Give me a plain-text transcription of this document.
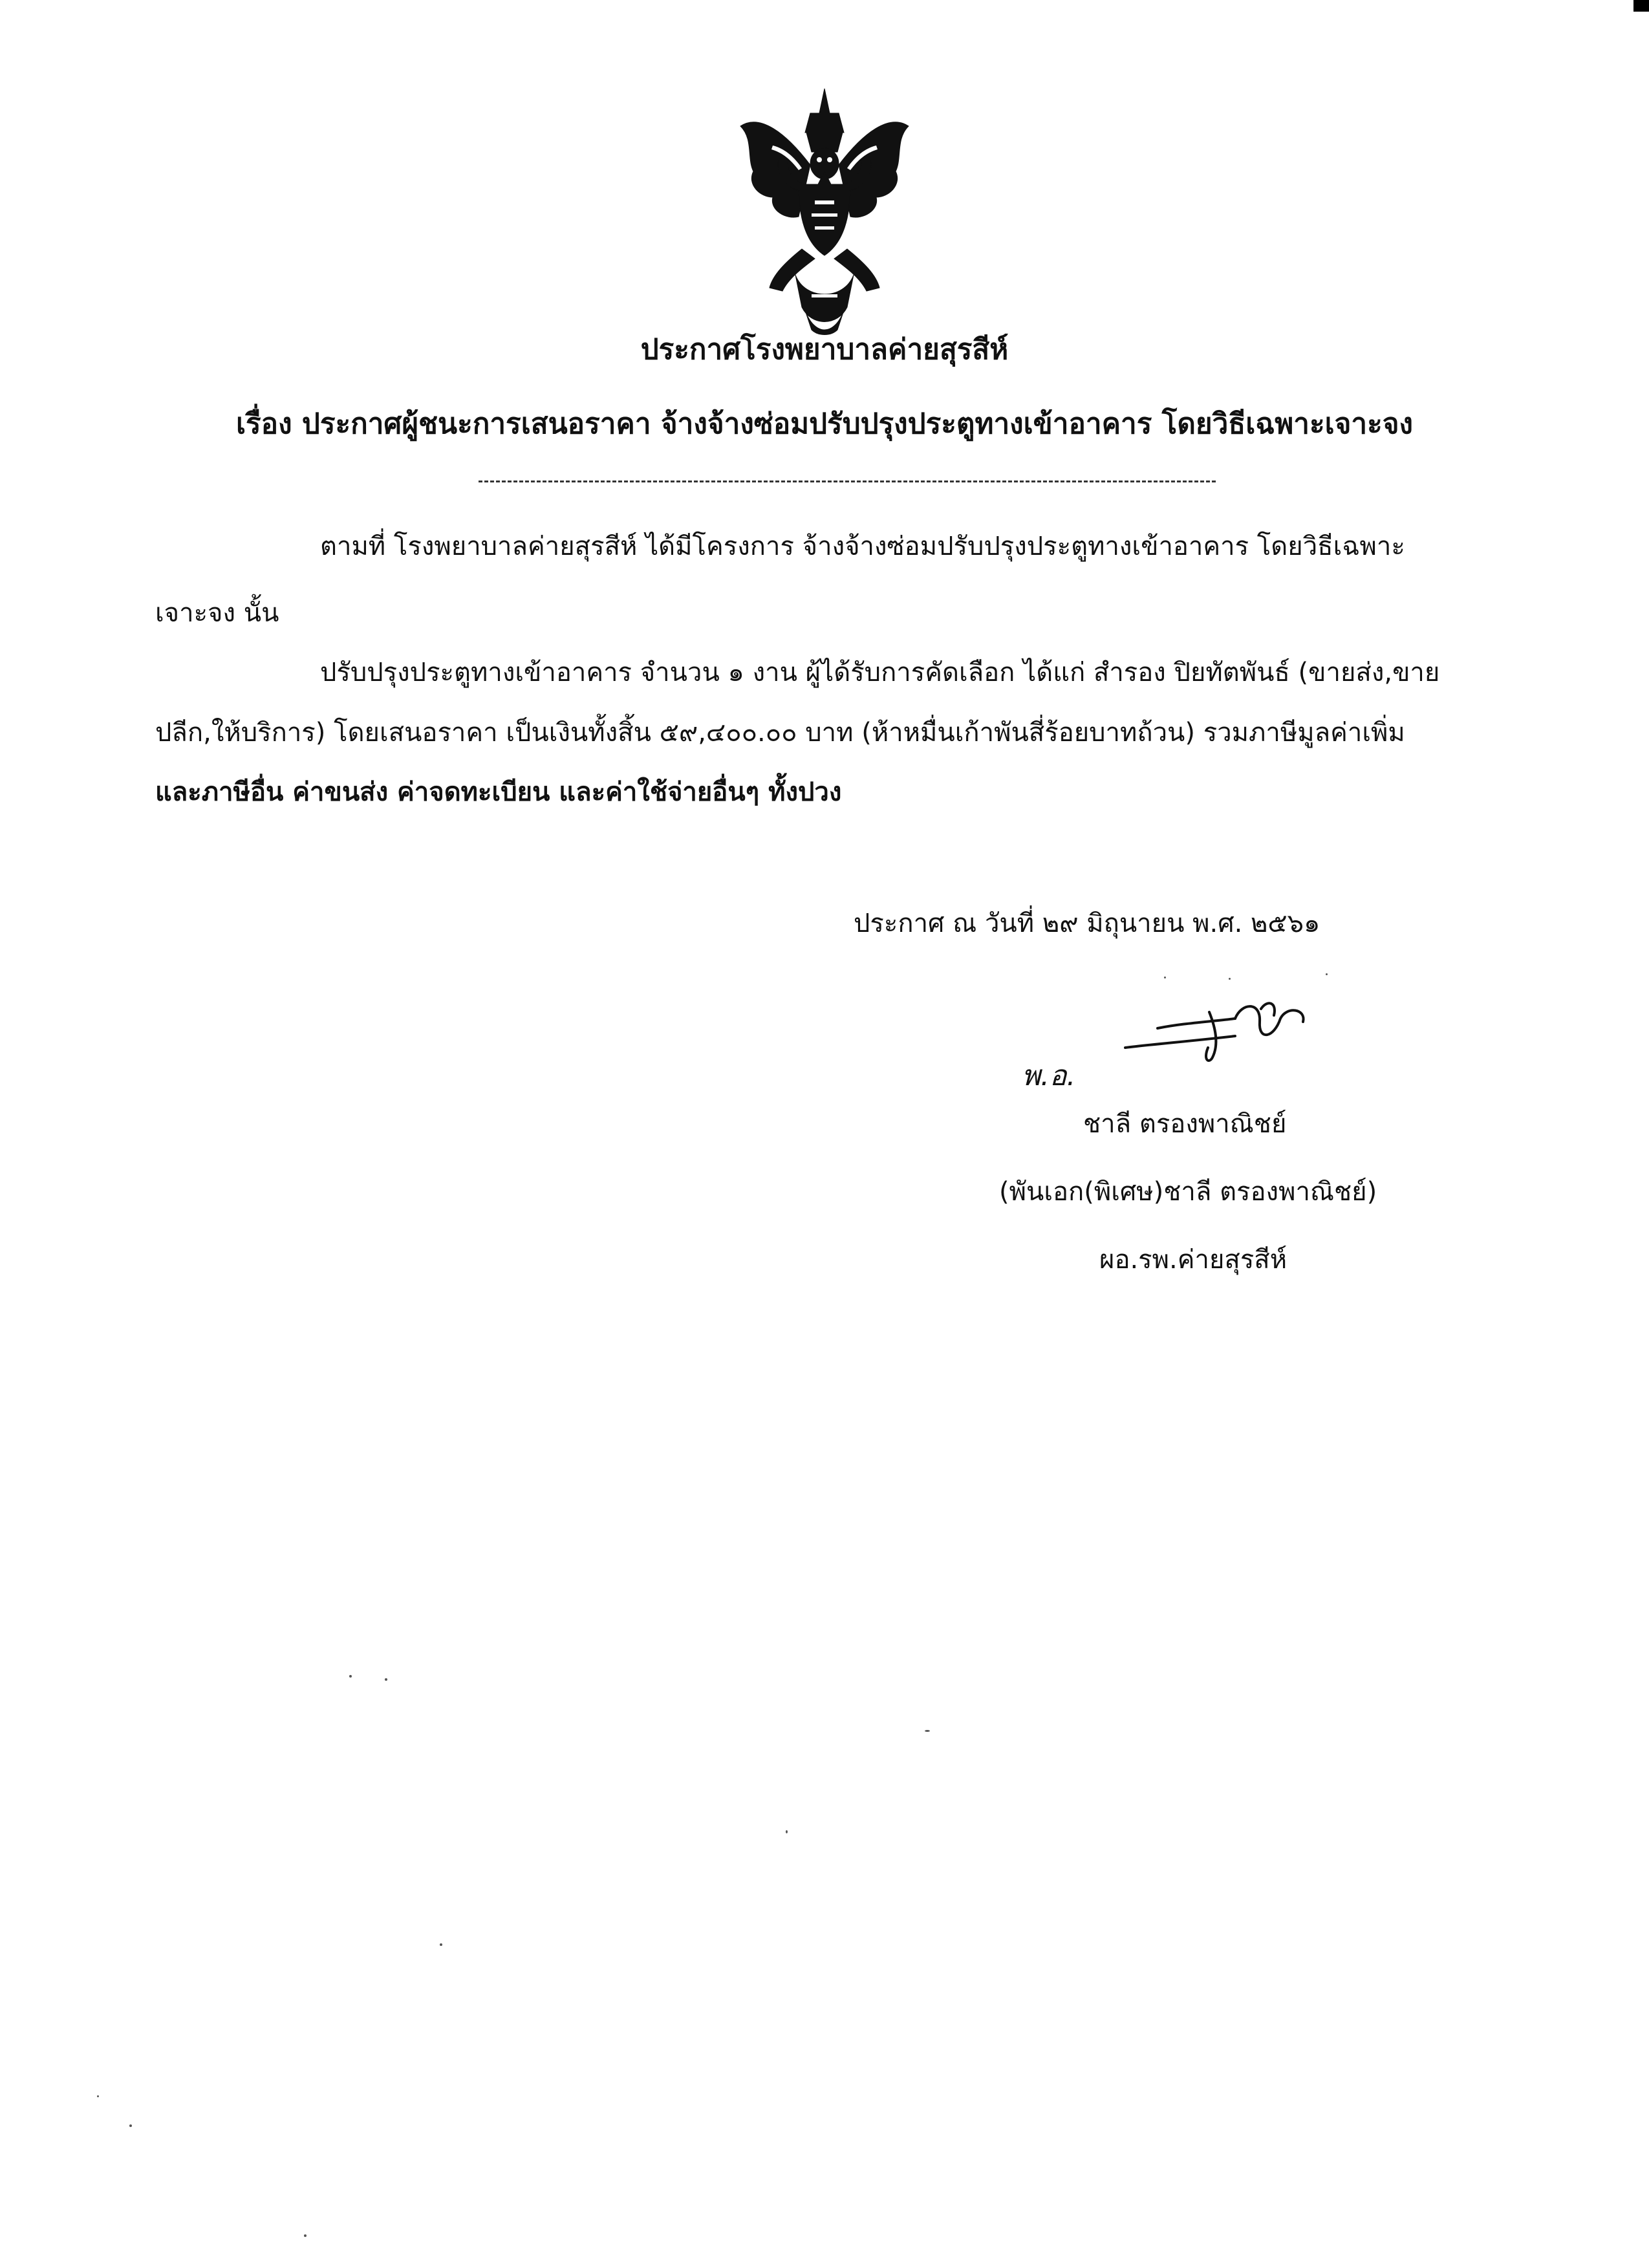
ประกาศโรงพยาบาลค่ายสุรสีห์
เรื่อง ประกาศผู้ชนะการเสนอราคา จ้างจ้างซ่อมปรับปรุงประตูทางเข้าอาคาร โดยวิธีเฉพาะเจาะจง
ตามที่ โรงพยาบาลค่ายสุรสีห์ ได้มีโครงการ จ้างจ้างซ่อมปรับปรุงประตูทางเข้าอาคาร โดยวิธีเฉพาะ
เจาะจง นั้น
ปรับปรุงประตูทางเข้าอาคาร จำนวน ๑ งาน ผู้ได้รับการคัดเลือก ได้แก่ สำรอง ปิยทัตพันธ์ (ขายส่ง,ขาย
ปลีก,ให้บริการ) โดยเสนอราคา เป็นเงินทั้งสิ้น ๕๙,๔๐๐.๐๐ บาท (ห้าหมื่นเก้าพันสี่ร้อยบาทถ้วน) รวมภาษีมูลค่าเพิ่ม
และภาษีอื่น ค่าขนส่ง ค่าจดทะเบียน และค่าใช้จ่ายอื่นๆ ทั้งปวง
ประกาศ ณ วันที่ ๒๙ มิถุนายน พ.ศ. ๒๕๖๑
พ.อ.
ชาลี ตรองพาณิชย์
(พันเอก(พิเศษ)ชาลี ตรองพาณิชย์)
ผอ.รพ.ค่ายสุรสีห์
